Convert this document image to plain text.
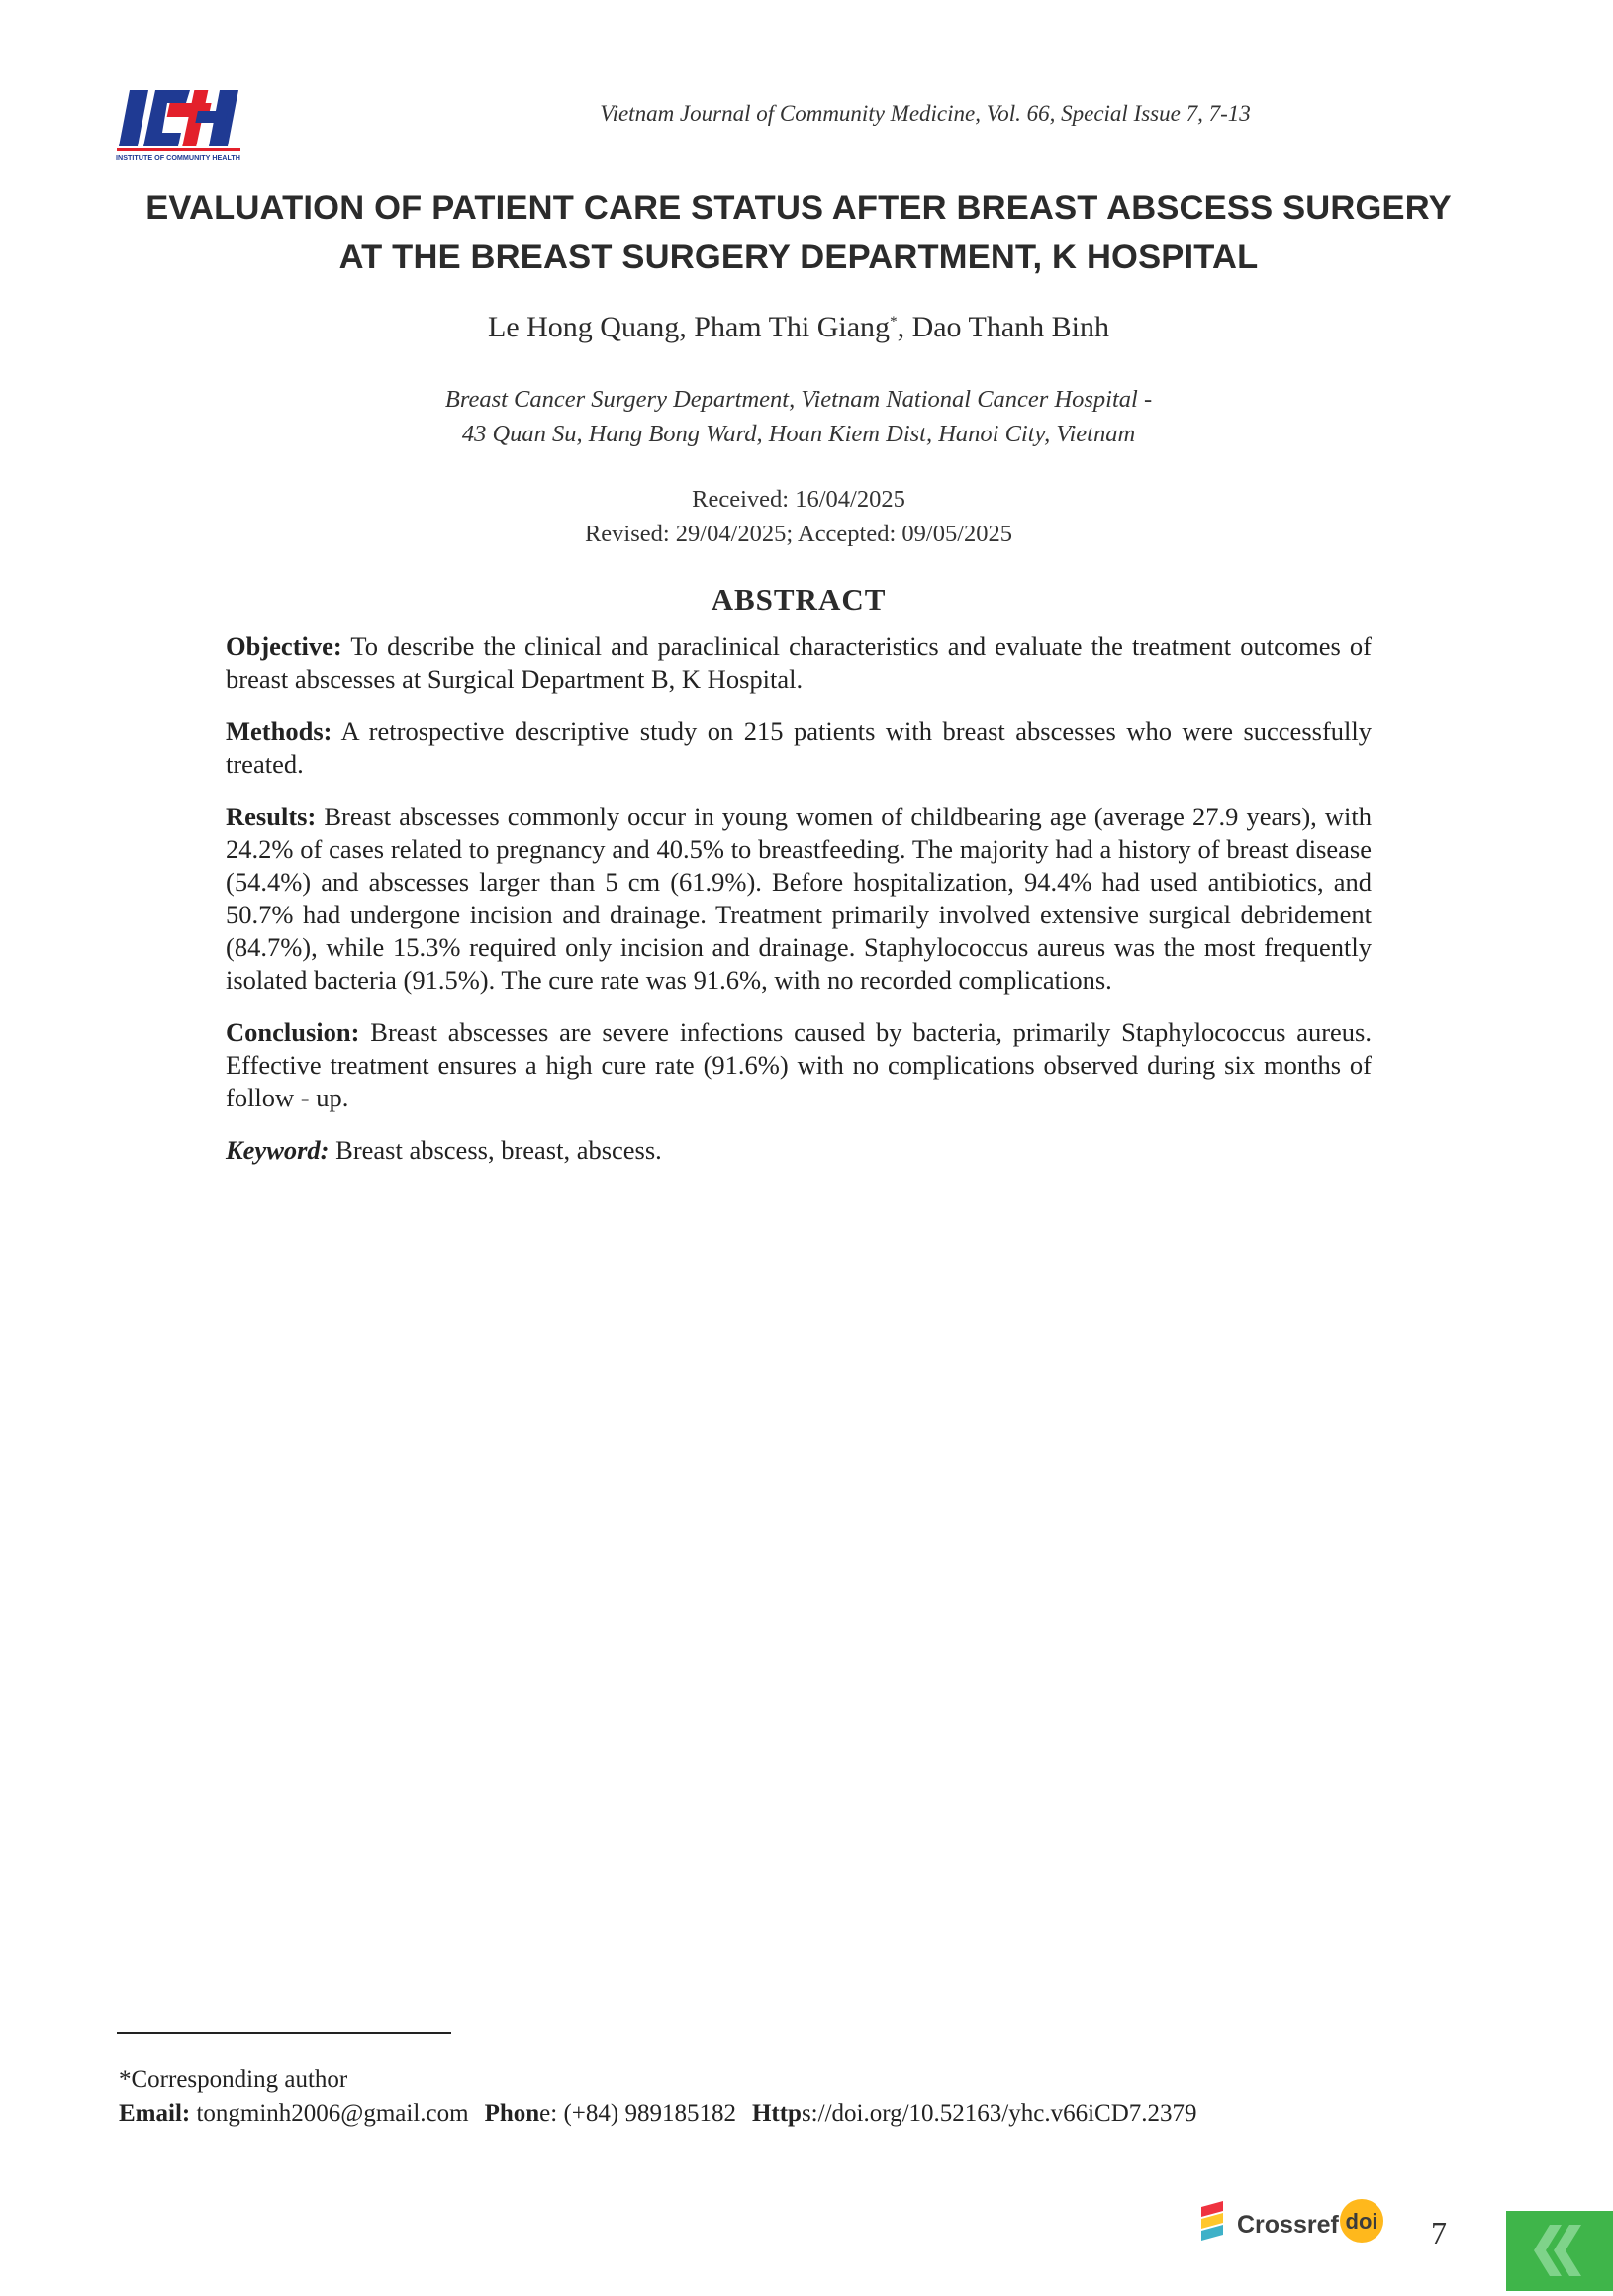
INSTITUTE OF COMMUNITY HEALTH
Vietnam Journal of Community Medicine, Vol. 66, Special Issue 7, 7-13
EVALUATION OF PATIENT CARE STATUS AFTER BREAST ABSCESS SURGERY
AT THE BREAST SURGERY DEPARTMENT, K HOSPITAL
Le Hong Quang, Pham Thi Giang*, Dao Thanh Binh
Breast Cancer Surgery Department, Vietnam National Cancer Hospital -
43 Quan Su, Hang Bong Ward, Hoan Kiem Dist, Hanoi City, Vietnam
Received: 16/04/2025
Revised: 29/04/2025; Accepted: 09/05/2025
ABSTRACT

Objective: To describe the clinical and paraclinical characteristics and evaluate the treatment outcomes of breast abscesses at Surgical Department B, K Hospital.

Methods: A retrospective descriptive study on 215 patients with breast abscesses who were successfully treated.

Results: Breast abscesses commonly occur in young women of childbearing age (average 27.9 years), with 24.2% of cases related to pregnancy and 40.5% to breastfeeding. The majority had a history of breast disease (54.4%) and abscesses larger than 5 cm (61.9%). Before hospitalization, 94.4% had used antibiotics, and 50.7% had undergone incision and drainage. Treatment primarily involved extensive surgical debridement (84.7%), while 15.3% required only incision and drainage. Staphylococcus aureus was the most frequently isolated bacteria (91.5%). The cure rate was 91.6%, with no recorded complications.

Conclusion: Breast abscesses are severe infections caused by bacteria, primarily Staphylococcus aureus. Effective treatment ensures a high cure rate (91.6%) with no complications observed during six months of follow - up.

Keyword: Breast abscess, breast, abscess.

*Corresponding author
Email: tongminh2006@gmail.com Phone: (+84) 989185182 Https://doi.org/10.52163/yhc.v66iCD7.2379
Crossref doi 7
